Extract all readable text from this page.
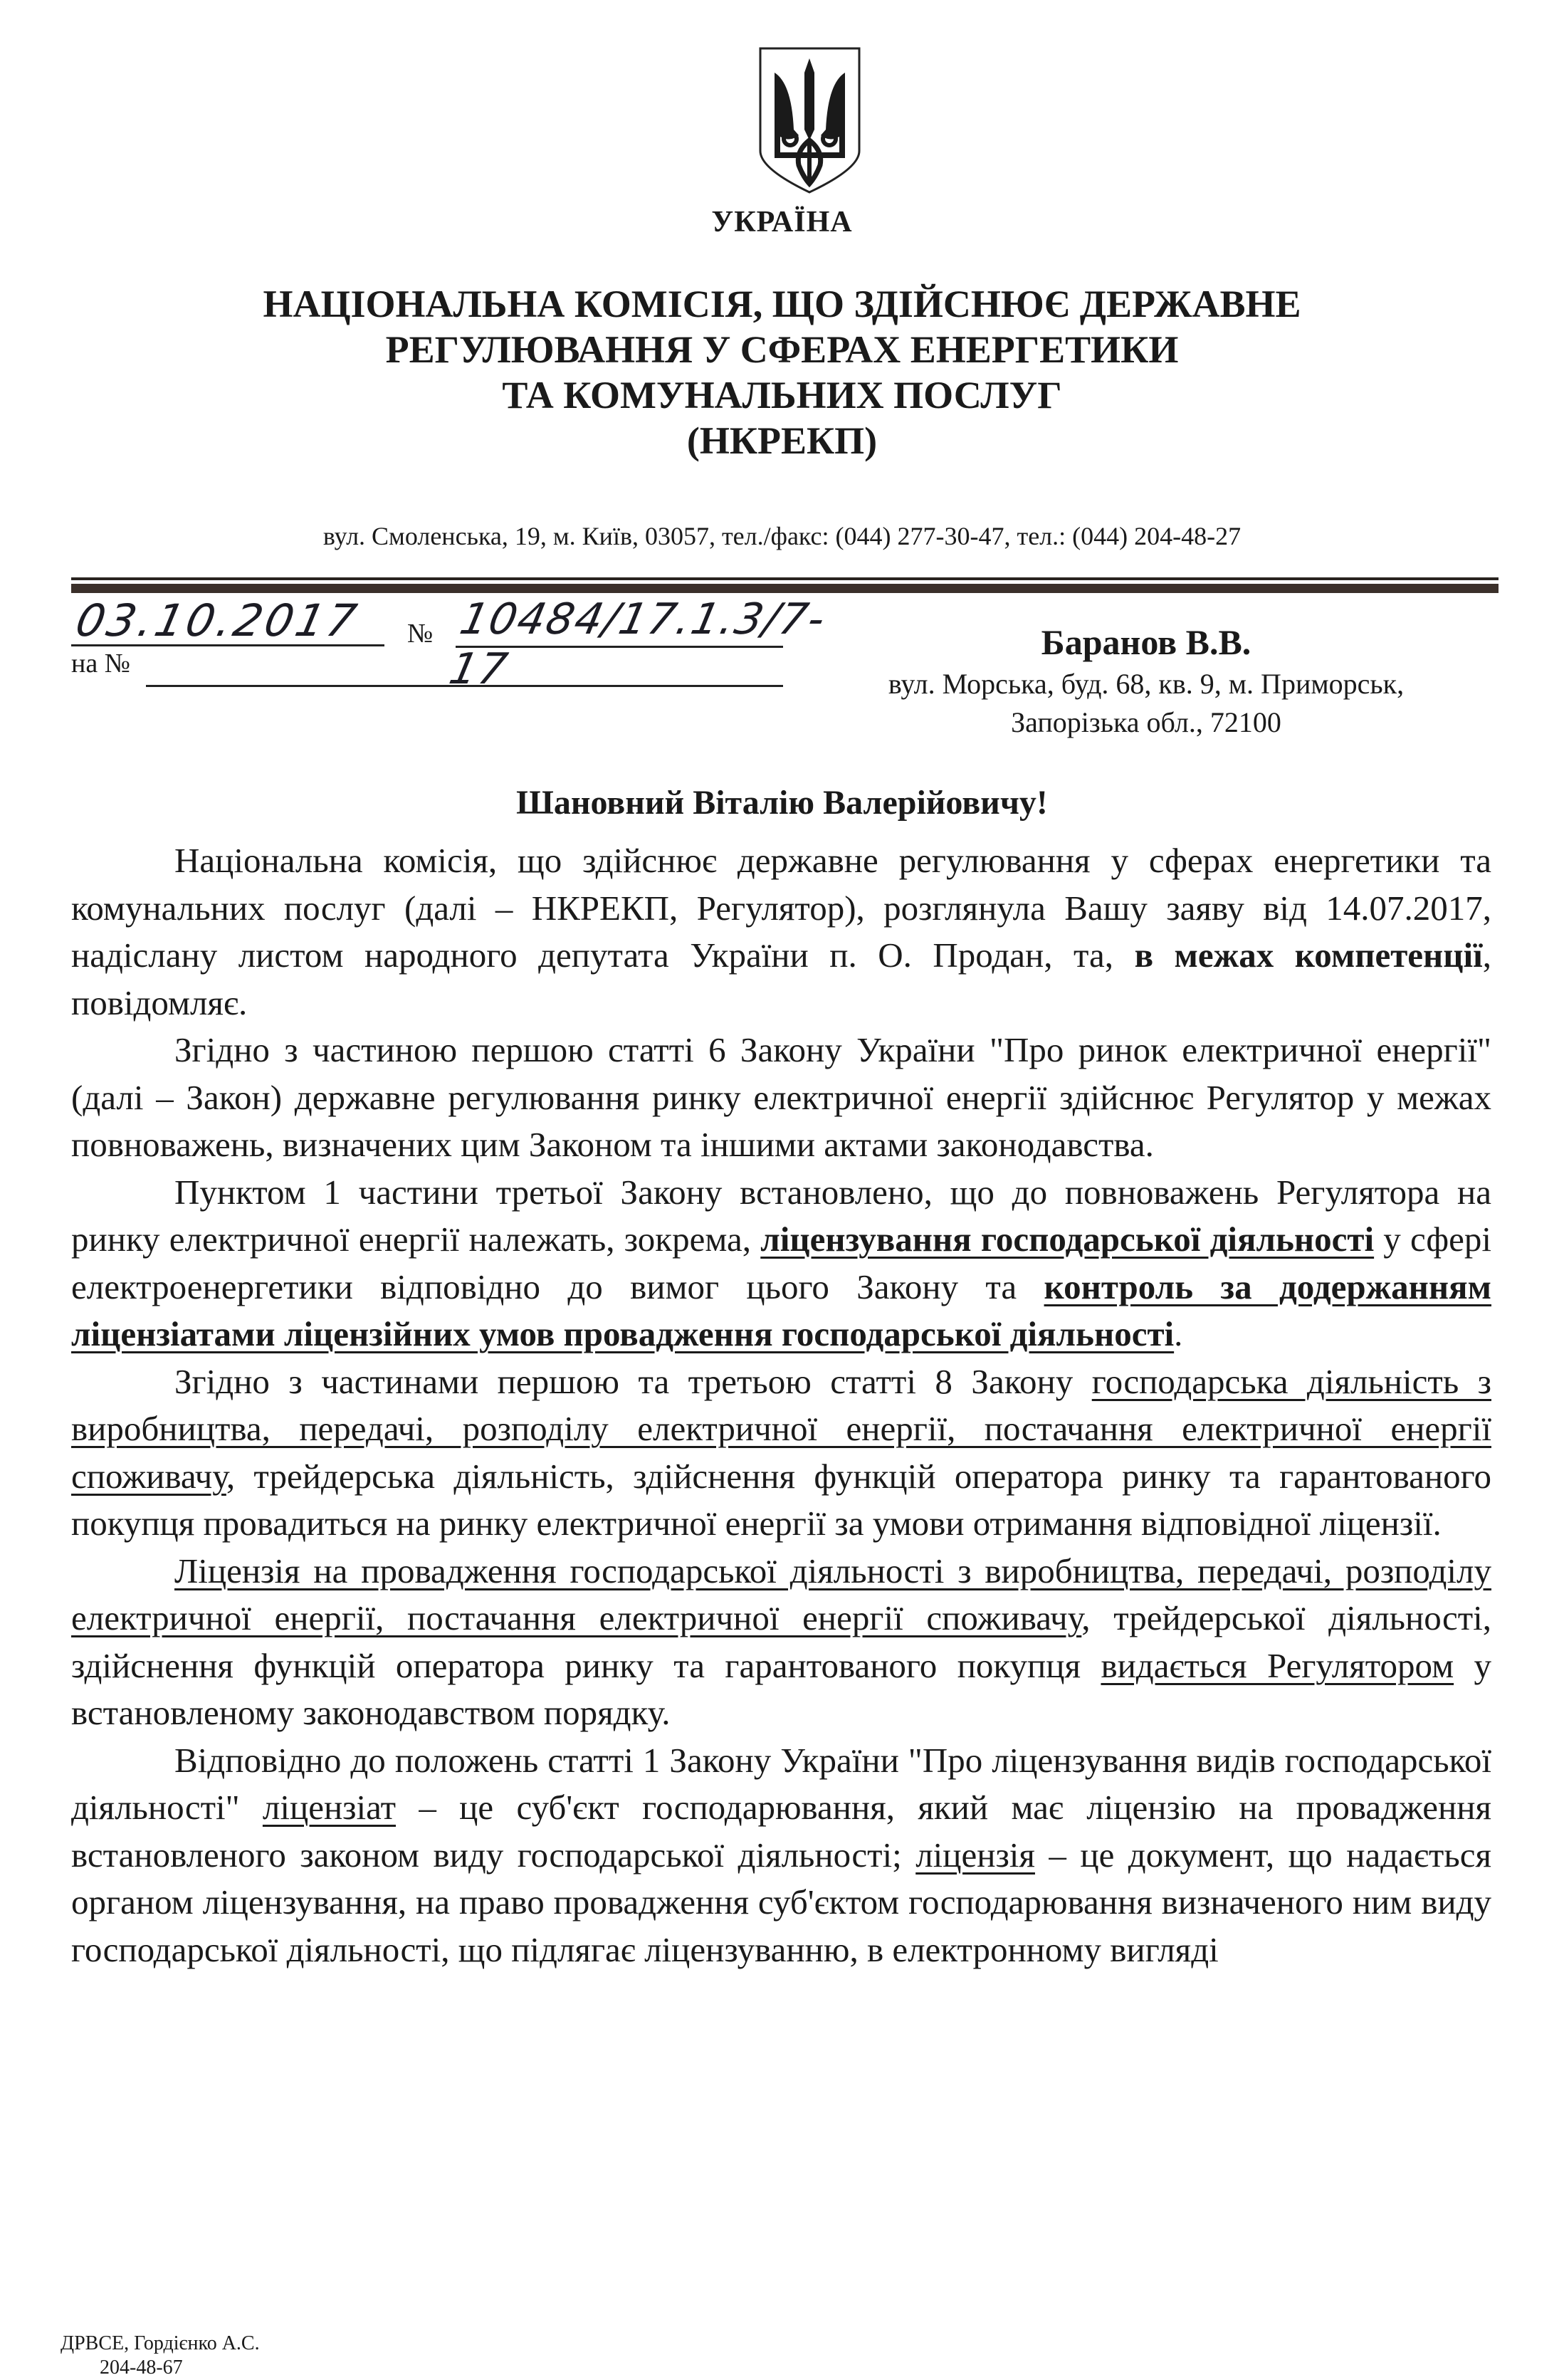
УКРАЇНА
НАЦІОНАЛЬНА КОМІСІЯ, ЩО ЗДІЙСНЮЄ ДЕРЖАВНЕ
РЕГУЛЮВАННЯ У СФЕРАХ ЕНЕРГЕТИКИ
ТА КОМУНАЛЬНИХ ПОСЛУГ
(НКРЕКП)
вул. Смоленська, 19, м. Київ, 03057, тел./факс: (044) 277-30-47, тел.: (044) 204-48-27
03.10.2017 № 10484/17.1.3/7-17
на №
Баранов В.В.
вул. Морська, буд. 68, кв. 9, м. Приморськ,
Запорізька обл., 72100
Шановний Віталію Валерійовичу!

Національна комісія, що здійснює державне регулювання у сферах енергетики та комунальних послуг (далі – НКРЕКП, Регулятор), розглянула Вашу заяву від 14.07.2017, надіслану листом народного депутата України п. О. Продан, та, в межах компетенції, повідомляє.

Згідно з частиною першою статті 6 Закону України "Про ринок електричної енергії" (далі – Закон) державне регулювання ринку електричної енергії здійснює Регулятор у межах повноважень, визначених цим Законом та іншими актами законодавства.

Пунктом 1 частини третьої Закону встановлено, що до повноважень Регулятора на ринку електричної енергії належать, зокрема, ліцензування господарської діяльності у сфері електроенергетики відповідно до вимог цього Закону та контроль за додержанням ліцензіатами ліцензійних умов провадження господарської діяльності.

Згідно з частинами першою та третьою статті 8 Закону господарська діяльність з виробництва, передачі, розподілу електричної енергії, постачання електричної енергії споживачу, трейдерська діяльність, здійснення функцій оператора ринку та гарантованого покупця провадиться на ринку електричної енергії за умови отримання відповідної ліцензії.

Ліцензія на провадження господарської діяльності з виробництва, передачі, розподілу електричної енергії, постачання електричної енергії споживачу, трейдерської діяльності, здійснення функцій оператора ринку та гарантованого покупця видається Регулятором у встановленому законодавством порядку.

Відповідно до положень статті 1 Закону України "Про ліцензування видів господарської діяльності" ліцензіат – це суб'єкт господарювання, який має ліцензію на провадження встановленого законом виду господарської діяльності; ліцензія – це документ, що надається органом ліцензування, на право провадження суб'єктом господарювання визначеного ним виду господарської діяльності, що підлягає ліцензуванню, в електронному вигляді

ДРВСЕ, Гордієнко А.С.
204-48-67
